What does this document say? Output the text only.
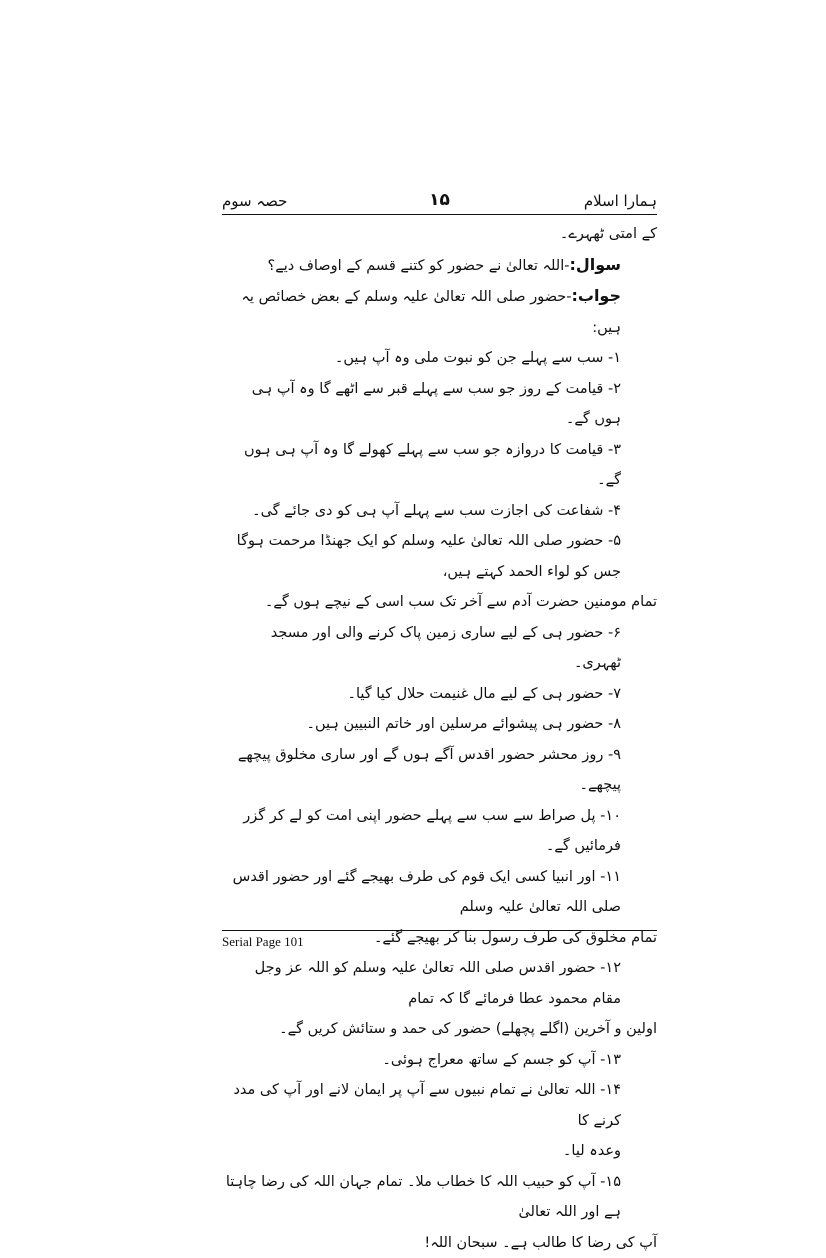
ہمارا اسلام
۱۵
حصہ سوم

کے امتی ٹھہرے۔

سوال:-اللہ تعالیٰ نے حضور کو کتنے قسم کے اوصاف دیے؟

جواب:-حضور صلی اللہ تعالیٰ علیہ وسلم کے بعض خصائص یہ ہیں:

۱- سب سے پہلے جن کو نبوت ملی وہ آپ ہیں۔

۲- قیامت کے روز جو سب سے پہلے قبر سے اٹھے گا وہ آپ ہی ہوں گے۔

۳- قیامت کا دروازہ جو سب سے پہلے کھولے گا وہ آپ ہی ہوں گے۔

۴- شفاعت کی اجازت سب سے پہلے آپ ہی کو دی جائے گی۔

۵- حضور صلی اللہ تعالیٰ علیہ وسلم کو ایک جھنڈا مرحمت ہوگا جس کو لواء الحمد کہتے ہیں،

تمام مومنین حضرت آدم سے آخر تک سب اسی کے نیچے ہوں گے۔

۶- حضور ہی کے لیے ساری زمین پاک کرنے والی اور مسجد ٹھہری۔

۷- حضور ہی کے لیے مال غنیمت حلال کیا گیا۔

۸- حضور ہی پیشوائے مرسلین اور خاتم النبیین ہیں۔

۹- روز محشر حضور اقدس آگے ہوں گے اور ساری مخلوق پیچھے پیچھے۔

۱۰- پل صراط سے سب سے پہلے حضور اپنی امت کو لے کر گزر فرمائیں گے۔

۱۱- اور انبیا کسی ایک قوم کی طرف بھیجے گئے اور حضور اقدس صلی اللہ تعالیٰ علیہ وسلم

تمام مخلوق کی طرف رسول بنا کر بھیجے گئے۔

۱۲- حضور اقدس صلی اللہ تعالیٰ علیہ وسلم کو اللہ عز وجل مقام محمود عطا فرمائے گا کہ تمام

اولین و آخرین (اگلے پچھلے) حضور کی حمد و ستائش کریں گے۔

۱۳- آپ کو جسم کے ساتھ معراج ہوئی۔

۱۴- اللہ تعالیٰ نے تمام نبیوں سے آپ پر ایمان لانے اور آپ کی مدد کرنے کا

وعدہ لیا۔

۱۵- آپ کو حبیب اللہ کا خطاب ملا۔ تمام جہان اللہ کی رضا چاہتا ہے اور اللہ تعالیٰ

آپ کی رضا کا طالب ہے۔ سبحان اللہ!

Serial Page 101
